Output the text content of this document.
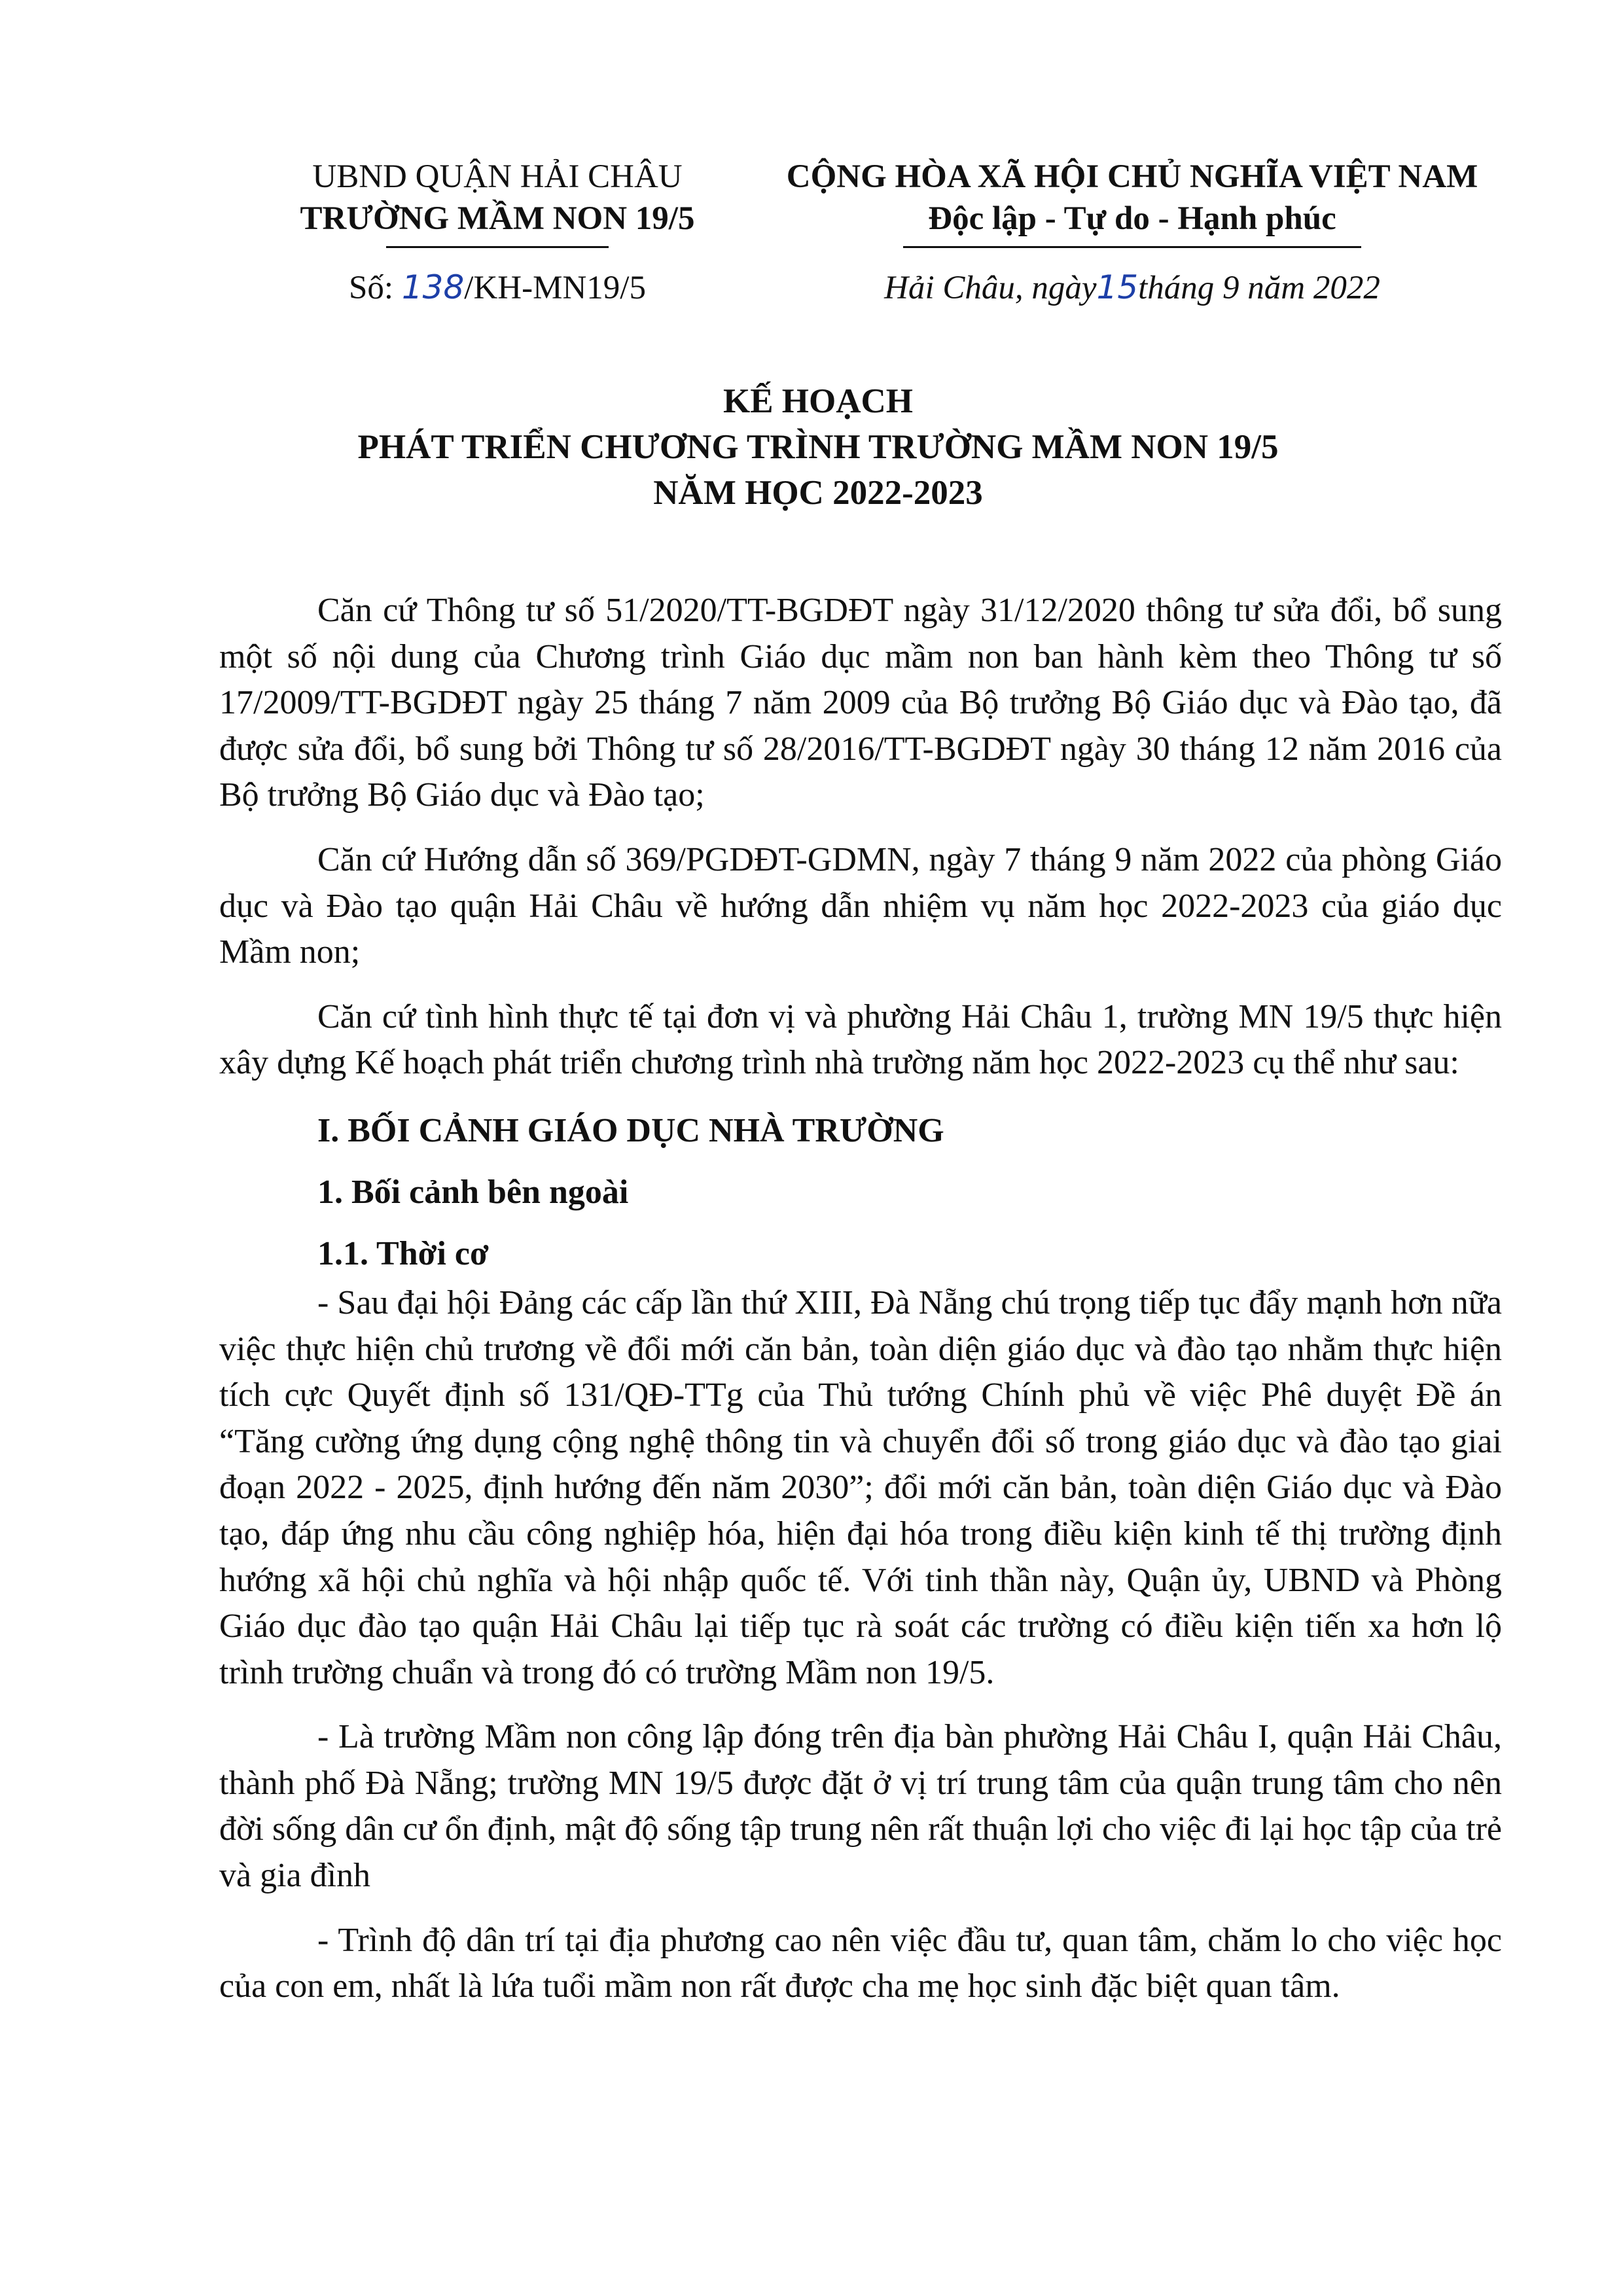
UBND QUẬN HẢI CHÂU
TRƯỜNG MẦM NON 19/5
CỘNG HÒA XÃ HỘI CHỦ NGHĨA VIỆT NAM
Độc lập - Tự do - Hạnh phúc
Số: 138/KH-MN19/5	Hải Châu, ngày15tháng 9 năm 2022
KẾ HOẠCH
PHÁT TRIỂN CHƯƠNG TRÌNH TRƯỜNG MẦM NON 19/5
NĂM HỌC 2022-2023

Căn cứ Thông tư số 51/2020/TT-BGDĐT ngày 31/12/2020 thông tư sửa đổi, bổ sung một số nội dung của Chương trình Giáo dục mầm non ban hành kèm theo Thông tư số 17/2009/TT-BGDĐT ngày 25 tháng 7 năm 2009 của Bộ trưởng Bộ Giáo dục và Đào tạo, đã được sửa đổi, bổ sung bởi Thông tư số 28/2016/TT-BGDĐT ngày 30 tháng 12 năm 2016 của Bộ trưởng Bộ Giáo dục và Đào tạo;

Căn cứ Hướng dẫn số 369/PGDĐT-GDMN, ngày 7 tháng 9 năm 2022 của phòng Giáo dục và Đào tạo quận Hải Châu về hướng dẫn nhiệm vụ năm học 2022-2023 của giáo dục Mầm non;

Căn cứ tình hình thực tế tại đơn vị và phường Hải Châu 1, trường MN 19/5 thực hiện xây dựng Kế hoạch phát triển chương trình nhà trường năm học 2022-2023 cụ thể như sau:

I. BỐI CẢNH GIÁO DỤC NHÀ TRƯỜNG
1. Bối cảnh bên ngoài
1.1. Thời cơ

- Sau đại hội Đảng các cấp lần thứ XIII, Đà Nẵng chú trọng tiếp tục đẩy mạnh hơn nữa việc thực hiện chủ trương về đổi mới căn bản, toàn diện giáo dục và đào tạo nhằm thực hiện tích cực Quyết định số 131/QĐ-TTg của Thủ tướng Chính phủ về việc Phê duyệt Đề án “Tăng cường ứng dụng cộng nghệ thông tin và chuyển đổi số trong giáo dục và đào tạo giai đoạn 2022 - 2025, định hướng đến năm 2030”; đổi mới căn bản, toàn diện Giáo dục và Đào tạo, đáp ứng nhu cầu công nghiệp hóa, hiện đại hóa trong điều kiện kinh tế thị trường định hướng xã hội chủ nghĩa và hội nhập quốc tế. Với tinh thần này, Quận ủy, UBND và Phòng Giáo dục đào tạo quận Hải Châu lại tiếp tục rà soát các trường có điều kiện tiến xa hơn lộ trình trường chuẩn và trong đó có trường Mầm non 19/5.

- Là trường Mầm non công lập đóng trên địa bàn phường Hải Châu I, quận Hải Châu, thành phố Đà Nẵng; trường MN 19/5 được đặt ở vị trí trung tâm của quận trung tâm cho nên đời sống dân cư ổn định, mật độ sống tập trung nên rất thuận lợi cho việc đi lại học tập của trẻ và gia đình

- Trình độ dân trí tại địa phương cao nên việc đầu tư, quan tâm, chăm lo cho việc học của con em, nhất là lứa tuổi mầm non rất được cha mẹ học sinh đặc biệt quan tâm.
